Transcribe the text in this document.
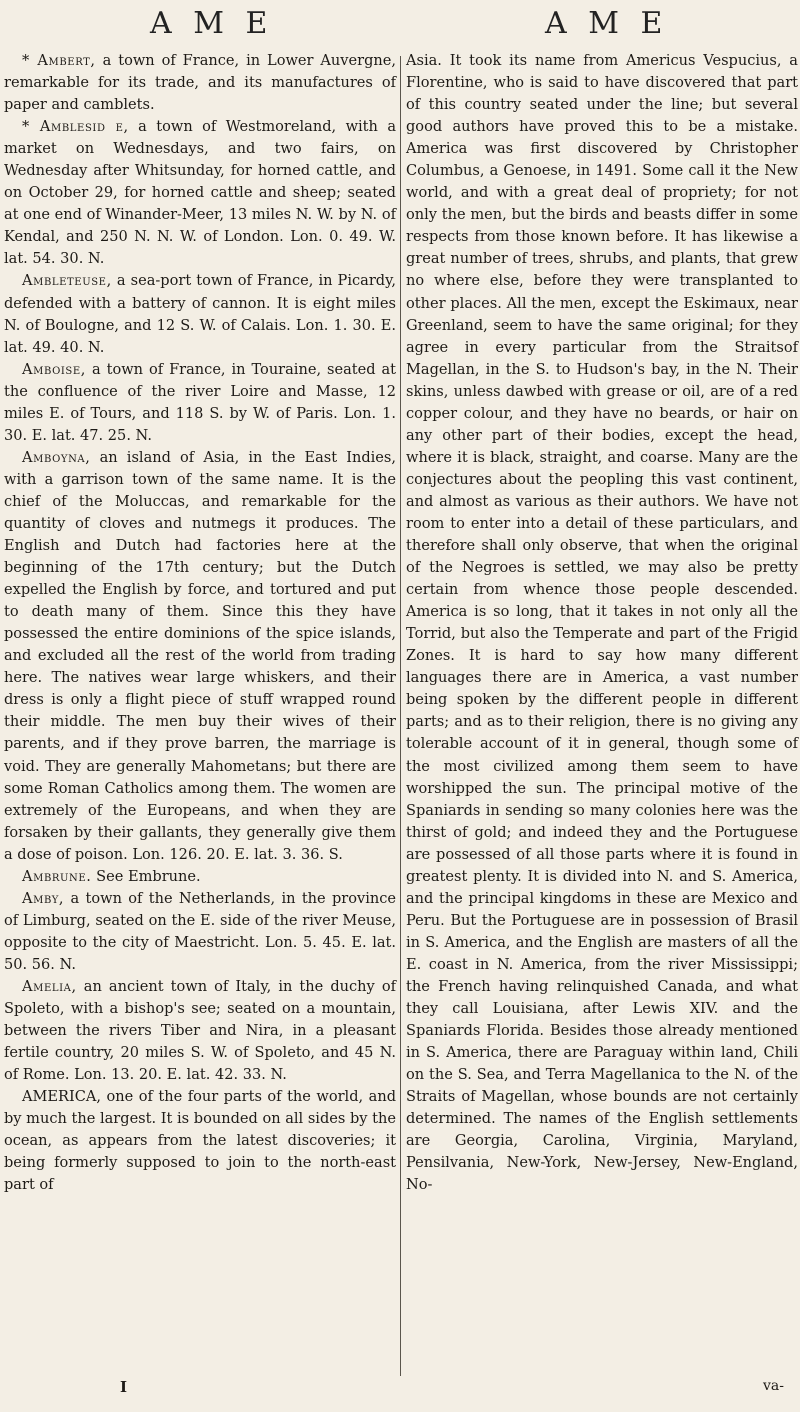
A M E	A M E

* Ambert, a town of France, in Lower Auvergne, remarkable for its trade, and its manufactures of paper and camblets.

* Amblesid e, a town of Westmoreland, with a market on Wednesdays, and two fairs, on Wednesday after Whitsunday, for horned cattle, and on October 29, for horned cattle and sheep; seated at one end of Winander-Meer, 13 miles N. W. by N. of Kendal, and 250 N. N. W. of London. Lon. 0. 49. W. lat. 54. 30. N.

Ambleteuse, a sea-port town of France, in Picardy, defended with a battery of cannon. It is eight miles N. of Boulogne, and 12 S. W. of Calais. Lon. 1. 30. E. lat. 49. 40. N.

Amboise, a town of France, in Touraine, seated at the confluence of the river Loire and Masse, 12 miles E. of Tours, and 118 S. by W. of Paris. Lon. 1. 30. E. lat. 47. 25. N.

Amboyna, an island of Asia, in the East Indies, with a garrison town of the same name. It is the chief of the Moluccas, and remarkable for the quantity of cloves and nutmegs it produces. The English and Dutch had factories here at the beginning of the 17th century; but the Dutch expelled the English by force, and tortured and put to death many of them. Since this they have possessed the entire dominions of the spice islands, and excluded all the rest of the world from trading here. The natives wear large whiskers, and their dress is only a flight piece of stuff wrapped round their middle. The men buy their wives of their parents, and if they prove barren, the marriage is void. They are generally Mahometans; but there are some Roman Catholics among them. The women are extremely of the Europeans, and when they are forsaken by their gallants, they generally give them a dose of poison. Lon. 126. 20. E. lat. 3. 36. S.

Ambrune. See Embrune.

Amby, a town of the Netherlands, in the province of Limburg, seated on the E. side of the river Meuse, opposite to the city of Maestricht. Lon. 5. 45. E. lat. 50. 56. N.

Amelia, an ancient town of Italy, in the duchy of Spoleto, with a bishop's see; seated on a mountain, between the rivers Tiber and Nira, in a pleasant fertile country, 20 miles S. W. of Spoleto, and 45 N. of Rome. Lon. 13. 20. E. lat. 42. 33. N.

AMERICA, one of the four parts of the world, and by much the largest. It is bounded on all sides by the ocean, as appears from the latest discoveries; it being formerly supposed to join to the north-east part of

Asia. It took its name from Americus Vespucius, a Florentine, who is said to have discovered that part of this country seated under the line; but several good authors have proved this to be a mistake. America was first discovered by Christopher Columbus, a Genoese, in 1491. Some call it the New world, and with a great deal of propriety; for not only the men, but the birds and beasts differ in some respects from those known before. It has likewise a great number of trees, shrubs, and plants, that grew no where else, before they were transplanted to other places. All the men, except the Eskimaux, near Greenland, seem to have the same original; for they agree in every particular from the Straitsof Magellan, in the S. to Hudson's bay, in the N. Their skins, unless dawbed with grease or oil, are of a red copper colour, and they have no beards, or hair on any other part of their bodies, except the head, where it is black, straight, and coarse. Many are the conjectures about the peopling this vast continent, and almost as various as their authors. We have not room to enter into a detail of these particulars, and therefore shall only observe, that when the original of the Negroes is settled, we may also be pretty certain from whence those people descended. America is so long, that it takes in not only all the Torrid, but also the Temperate and part of the Frigid Zones. It is hard to say how many different languages there are in America, a vast number being spoken by the different people in different parts; and as to their religion, there is no giving any tolerable account of it in general, though some of the most civilized among them seem to have worshipped the sun. The principal motive of the Spaniards in sending so many colonies here was the thirst of gold; and indeed they and the Portuguese are possessed of all those parts where it is found in greatest plenty. It is divided into N. and S. America, and the principal kingdoms in these are Mexico and Peru. But the Portuguese are in possession of Brasil in S. America, and the English are masters of all the E. coast in N. America, from the river Mississippi; the French having relinquished Canada, and what they call Louisiana, after Lewis XIV. and the Spaniards Florida. Besides those already mentioned in S. America, there are Paraguay within land, Chili on the S. Sea, and Terra Magellanica to the N. of the Straits of Magellan, whose bounds are not certainly determined. The names of the English settlements are Georgia, Carolina, Virginia, Maryland, Pensilvania, New-York, New-Jersey, New-England, No-

I	va-
